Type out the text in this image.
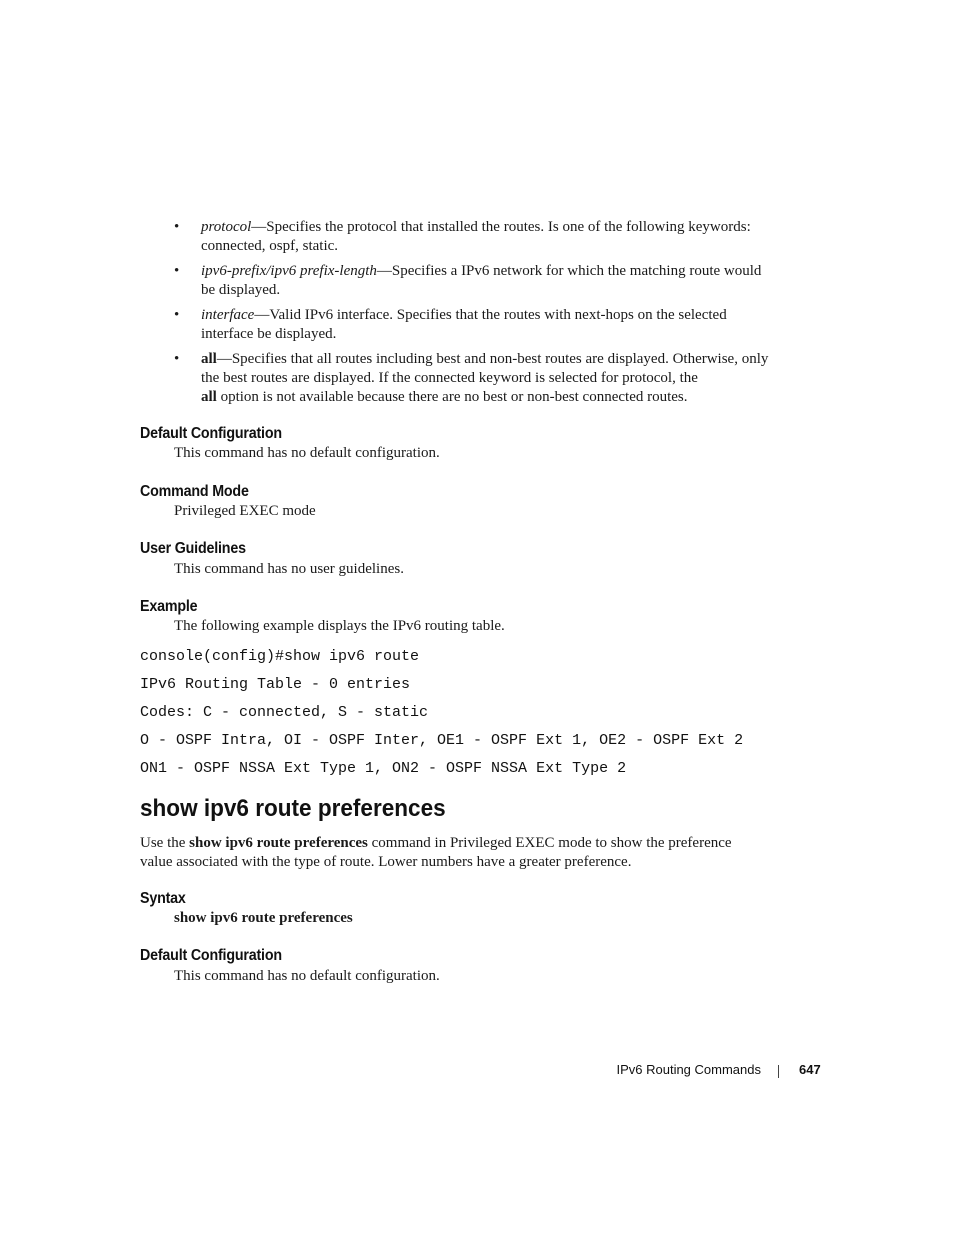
• protocol—Specifies the protocol that installed the routes. Is one of the following keywords: connected, ospf, static.
• ipv6-prefix/ipv6 prefix-length—Specifies a IPv6 network for which the matching route would be displayed.
• interface—Valid IPv6 interface. Specifies that the routes with next-hops on the selected interface be displayed.
• all—Specifies that all routes including best and non-best routes are displayed. Otherwise, only the best routes are displayed. If the connected keyword is selected for protocol, the
all option is not available because there are no best or non-best connected routes.
Default Configuration
This command has no default configuration.
Command Mode
Privileged EXEC mode
User Guidelines
This command has no user guidelines.
Example
The following example displays the IPv6 routing table.
console(config)#show ipv6 route
IPv6 Routing Table - 0 entries
Codes: C - connected, S - static
O - OSPF Intra, OI - OSPF Inter, OE1 - OSPF Ext 1, OE2 - OSPF Ext 2
ON1 - OSPF NSSA Ext Type 1, ON2 - OSPF NSSA Ext Type 2
show ipv6 route preferences
Use the show ipv6 route preferences command in Privileged EXEC mode to show the preference value associated with the type of route. Lower numbers have a greater preference.
Syntax
show ipv6 route preferences
Default Configuration
This command has no default configuration.
IPv6 Routing Commands	647
